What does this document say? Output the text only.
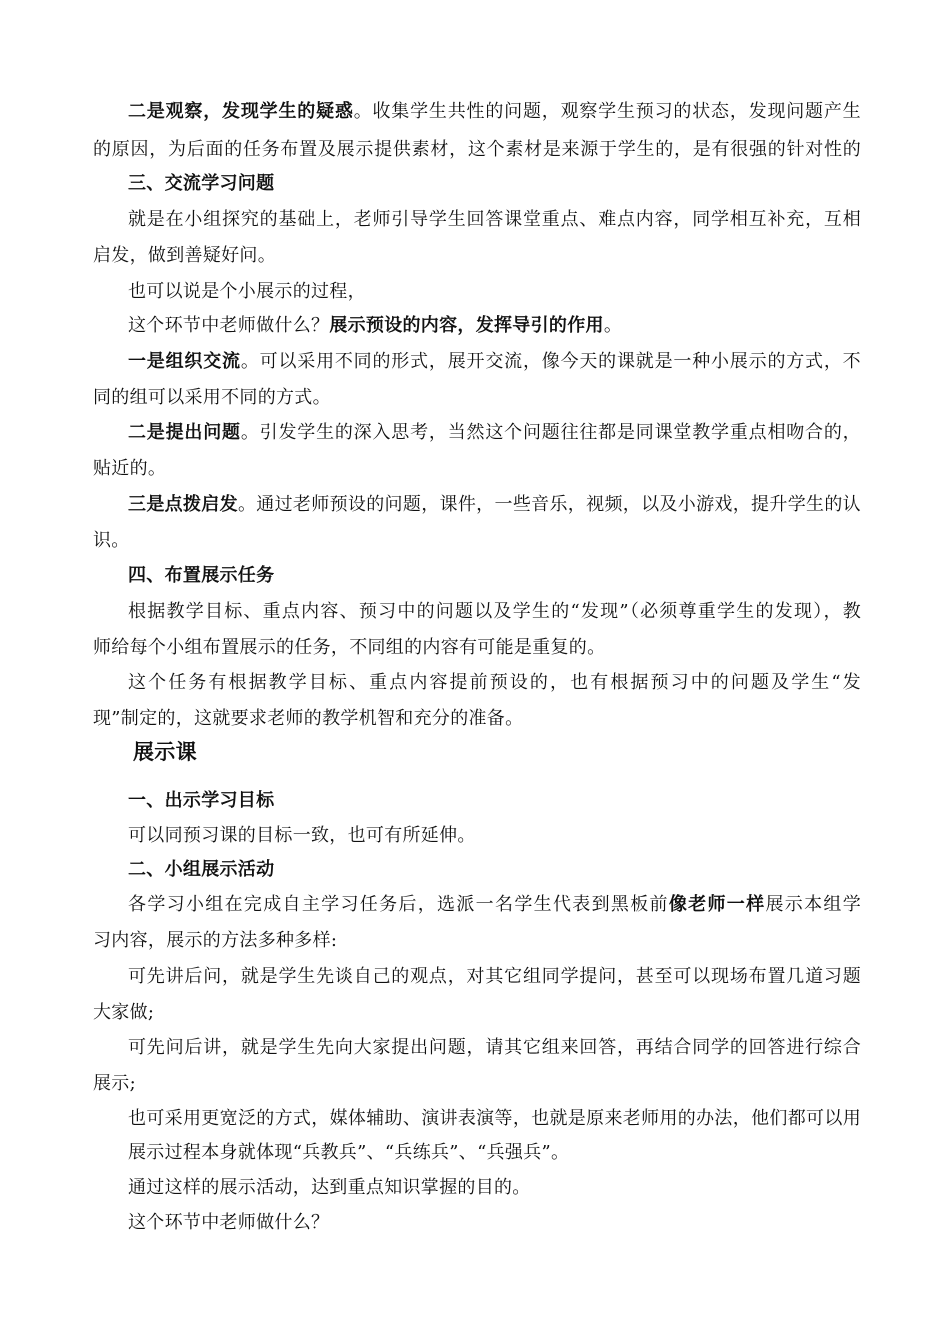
二是观察，发现学生的疑惑。收集学生共性的问题，观察学生预习的状态，发现问题产生
的原因，为后面的任务布置及展示提供素材，这个素材是来源于学生的，是有很强的针对性的
三、交流学习问题
就是在小组探究的基础上，老师引导学生回答课堂重点、难点内容，同学相互补充，互相
启发，做到善疑好问。
也可以说是个小展示的过程，
这个环节中老师做什么？展示预设的内容，发挥导引的作用。
一是组织交流。可以采用不同的形式，展开交流，像今天的课就是一种小展示的方式，不
同的组可以采用不同的方式。
二是提出问题。引发学生的深入思考，当然这个问题往往都是同课堂教学重点相吻合的，
贴近的。
三是点拨启发。通过老师预设的问题，课件，一些音乐，视频，以及小游戏，提升学生的认
识。
四、布置展示任务
根据教学目标、重点内容、预习中的问题以及学生的“发现”（必须尊重学生的发现），教
师给每个小组布置展示的任务，不同组的内容有可能是重复的。
这个任务有根据教学目标、重点内容提前预设的，也有根据预习中的问题及学生“发
现”制定的，这就要求老师的教学机智和充分的准备。
展示课
一、出示学习目标
可以同预习课的目标一致，也可有所延伸。
二、小组展示活动
各学习小组在完成自主学习任务后，选派一名学生代表到黑板前像老师一样展示本组学
习内容，展示的方法多种多样:
可先讲后问，就是学生先谈自己的观点，对其它组同学提问，甚至可以现场布置几道习题
大家做;
可先问后讲，就是学生先向大家提出问题，请其它组来回答，再结合同学的回答进行综合
展示;
也可采用更宽泛的方式，媒体辅助、演讲表演等，也就是原来老师用的办法，他们都可以用
展示过程本身就体现“兵教兵”、“兵练兵”、“兵强兵”。
通过这样的展示活动，达到重点知识掌握的目的。
这个环节中老师做什么？
